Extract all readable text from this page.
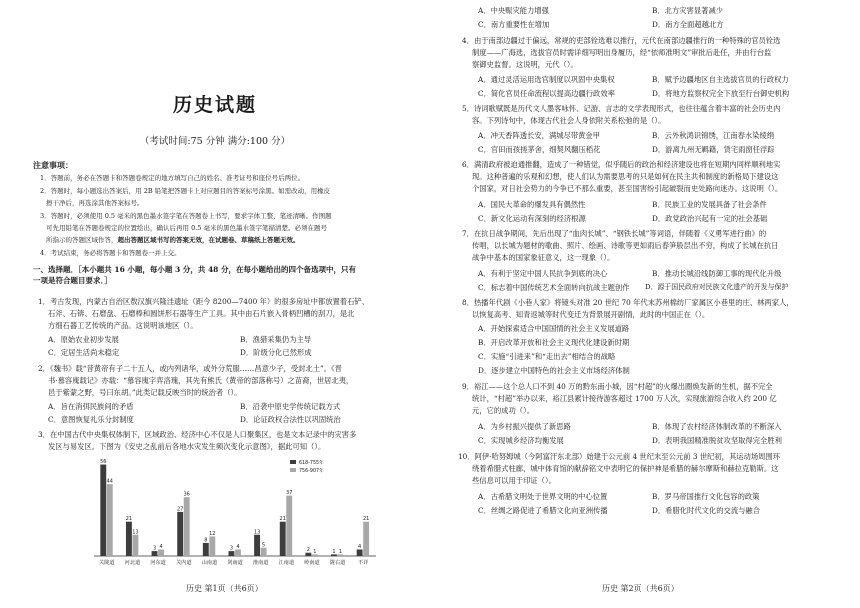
历史试题
（考试时间:75 分钟 满分:100 分）
注意事项：
1．答题前，务必在答题卡和答题卷规定的地方填写自己的姓名、准考证号和座位号后两位。
2．答题时，每小题选出答案后，用 2B 铅笔把答题卡上对应题目的答案标号涂黑。如需改动，用橡皮
擦干净后，再选涂其他答案标号。
3．答题时，必须使用 0.5 毫米的黑色墨水签字笔在答题卷上书写，要求字体工整、笔迹清晰。作图题
可先用铅笔在答题卷规定的位置绘出，确认后再用 0.5 毫米的黑色墨水签字笔描清楚。必须在题号
所指示的答题区域作答，超出答题区域书写的答案无效，在试题卷、草稿纸上答题无效。
4．考试结束，务必将答题卡和答题卷一并上交。
一、选择题．［本小题共 16 小题，每小题 3 分，共 48 分，在每小题给出的四个备选项中，只有
一项是符合题目要求．］
1．考古发现，内蒙古自治区敖汉旗兴隆洼遗址（距今 8200—7400 年）的很多房址中都放置着石铲、
石斧、石锛、石磨盘、石磨棒和圆饼形石器等生产工具。其中由石片嵌入骨柄凹槽的刮刀，是北
方细石器工艺传统的产品。这说明该地区（）。
A．原始农业初步发展	B．渔猎采集仍为主导
C．定居生活尚未稳定	D．阶级分化已然形成
2．《魏书》载“昔黄帝有子二十五人，或内列诸华，或外分荒服……昌意少子，受封北土”。《晋
书·慕容廆载记》亦载：“慕容廆字弈洛瑰，其先有熊氏（黄帝的部落称号）之苗裔，世居北夷，
邑于紫蒙之野，号曰东胡。”此类记载反映当时的统治者（）。
A．旨在消弭民族间的矛盾	B．沿袭中原史学传统记载方式
C．意图恢复礼乐分封制度	D．论证政权合法性以巩固统治
3．在中国古代中央集权体制下，区域政治、经济中心不仅是人口聚集区，也是文本记录中的灾害多
发区与易发区。下图为《安史之乱前后各地水灾发生频次变化示意图》，据此可知（）。
56
44
关陇道
21
13
河北道
3 4
河东道
27
36
关内道
8
12
山南道
3 4
剑南道
13
5
淮南道
21
37
江南道
2 1
岭南道
1 1
陇右道
4
21
不详
618-755年
756-907年
历史 第1页（共6页）
A．中央赈灾能力增强	B．北方灾害显著减少
C．南方重要性在增加	D．南方全面超越北方
4．由于南部边疆过于偏远，常规的吏部铨选难以推行，元代在南部边疆推行的一种特殊的官员铨选
制度——广海选，选拔官员时需详细写明出身履历，经“依师准明文”审批后赴任，并由行台监
察御史监督。这说明，元代（）。
A．通过灵活运用选官制度以巩固中央集权	B．赋予边疆地区自主选拔官员的行政权力
C．简化官员任命流程以提高边疆行政效率	D．将地方监察权完全下放至行台御史机构
5．诗词歌赋既是历代文人墨客咏怀、记游、言志的文学表现形式，也往往蕴含着丰富的社会历史内
容。下列诗句中，体现古代社会人身依附关系松弛的是（）。
A．冲天香阵透长安，满城尽带黄金甲	B．云外秋鸿识锦绣，江南春水染绫绢
C．官田而孩搓茅舍，细契风翻压稻花	D．游离九州无羁籍，赁宅雨窗任浮踪
6．满清政府被迫通推翻，造成了一种错觉，似乎随后的政治和经济建设也将在短期内同样顺利地实
现。这种普遍的乐观和幻想，使人们认为需要思考的只是如何在民主共和制度的新格局下建设这
个国家，对日社会势力的今争已不那么重要，甚至国害纷引起破裂而史处路向迷办。这说明（）。
A．国民大革命的爆发具有偶然性	B．民族工业的发展具备了社会条件
C．新文化运动有深刻的经济根源	D．政党政治兴起有一定的社会基础
7．在抗日战争期间，先后出现了“血肉长城”、“钢铁长城”等词语，伴随着《义勇军进行曲》的
传唱，以长城为题材的歌曲、照片、绘画、诗歌等更如雨后春笋般层出不穷，构成了长城在抗日
战争中基本的国家象征意义，这一现象（）。
A．有利于坚定中国人民抗争到底的决心	B．推动长城沿线防御工事的现代化升级
C．标志着中国传统艺术全面转向抗战主题创作 D．源于国民政府对民族文化遗产的开发与保护
8．热播年代剧《小巷人家》将镜头对准 20 世纪 70 年代末苏州棉纺厂家属区小巷里的庄、林两家人，
以恢复高考、知青返城等时代变迁为背景展开剧情，此时的中国正在（）。
A．开始探索适合中国国情的社会主义发展道路
B．开启改革开放和社会主义现代化建设新时期
C．实施“引进来”和“走出去”相结合的战略
D．逐步建立中国特色的社会主义市场经济体制
9．裕江——这个总人口不到 40 万的黔东南小城，因“村超”的火爆出圈焕发新的生机，据不完全
统计，“村超”举办以来，裕江县累计接待游客超过 1700 万人次，实现旅游综合收入约 200 亿
元，它的成功（）。
A．为乡村振兴提供了新思路	B．体现了农村经济体制改革的不断深入
C．实现城乡经济均衡发展	D．表明我国精准脱贫攻坚取得完全胜利
10．阿伊·哈努姆城（今阿富汗东北部）始建于公元前 4 世纪末至公元前 3 世纪初，其运动场周围环
绕着希腊式柱廊，城中体育馆的献辞铭文中表明它的保护神是希腊的赫尔摩斯和赫拉克勒斯。这
些信息可以用于印证（）。
A．古希腊文明处于世界文明的中心位置	B．罗马帝国推行文化包容的政策
C．丝绸之路促进了希腊文化向亚洲传播	D．希腊化时代文化的交流与融合
历史 第2页（共6页）
